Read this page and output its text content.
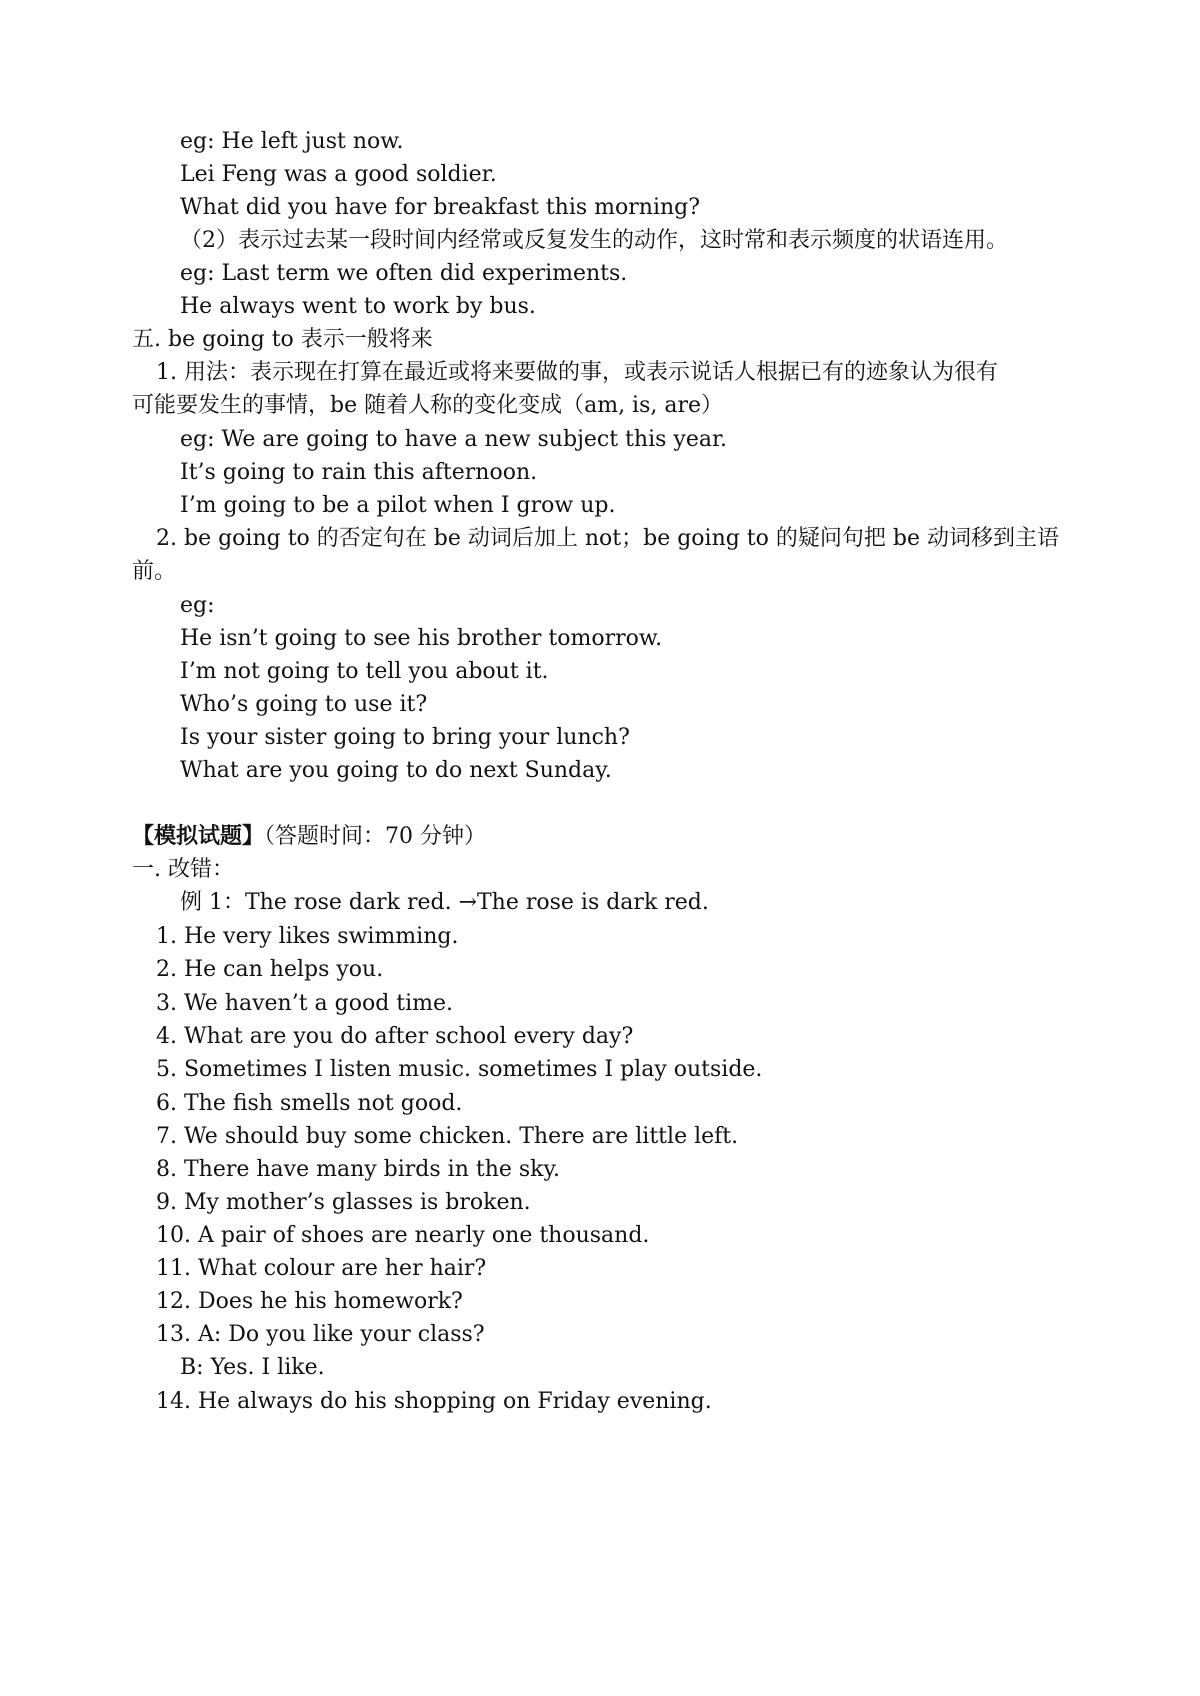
eg: He left just now.
Lei Feng was a good soldier.
What did you have for breakfast this morning?
（2）表示过去某一段时间内经常或反复发生的动作，这时常和表示频度的状语连用。
eg: Last term we often did experiments.
He always went to work by bus.
五. be going to 表示一般将来
1. 用法：表示现在打算在最近或将来要做的事，或表示说话人根据已有的迹象认为很有
可能要发生的事情，be 随着人称的变化变成（am, is, are）
eg: We are going to have a new subject this year.
It’s going to rain this afternoon.
I’m going to be a pilot when I grow up.
2. be going to 的否定句在 be 动词后加上 not；be going to 的疑问句把 be 动词移到主语
前。
eg:
He isn’t going to see his brother tomorrow.
I’m not going to tell you about it.
Who’s going to use it?
Is your sister going to bring your lunch?
What are you going to do next Sunday.
【模拟试题】（答题时间：70 分钟）
一. 改错：
例 1：The rose dark red. →The rose is dark red.
1. He very likes swimming.
2. He can helps you.
3. We haven’t a good time.
4. What are you do after school every day?
5. Sometimes I listen music. sometimes I play outside.
6. The fish smells not good.
7. We should buy some chicken. There are little left.
8. There have many birds in the sky.
9. My mother’s glasses is broken.
10. A pair of shoes are nearly one thousand.
11. What colour are her hair?
12. Does he his homework?
13. A: Do you like your class?
B: Yes. I like.
14. He always do his shopping on Friday evening.
